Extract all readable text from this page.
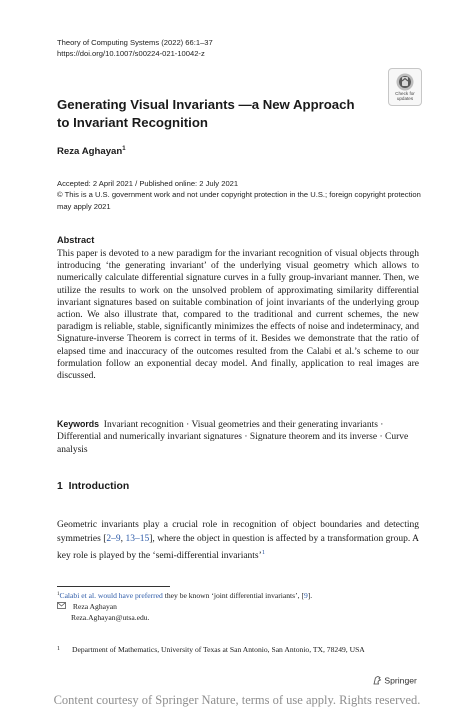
Theory of Computing Systems (2022) 66:1–37
https://doi.org/10.1007/s00224-021-10042-z
Check for
updates
Generating Visual Invariants —a New Approach
to Invariant Recognition
Reza Aghayan$^1$
Accepted: 2 April 2021 / Published online: 2 July 2021
© This is a U.S. government work and not under copyright protection in the U.S.; foreign copyright protection
may apply 2021
Abstract
This paper is devoted to a new paradigm for the invariant recognition of visual objects through introducing ‘the generating invariant’ of the underlying visual geometry which allows to numerically calculate differential signature curves in a fully group-invariant manner. Then, we utilize the results to work on the unsolved problem of approximating similarity differential invariant signatures based on suitable combination of joint invariants of the underlying group action. We also illustrate that, compared to the traditional and current schemes, the new paradigm is reliable, stable, significantly minimizes the effects of noise and indeterminacy, and Signature-inverse Theorem is correct in terms of it. Besides we demonstrate that the ratio of elapsed time and inaccuracy of the outcomes resulted from the Calabi et al.’s scheme to our formulation follow an exponential decay model. And finally, application to real images are discussed.
Keywords Invariant recognition · Visual geometries and their generating invariants · Differential and numerically invariant signatures · Signature theorem and its inverse · Curve analysis
1 Introduction
Geometric invariants play a crucial role in recognition of object boundaries and detecting symmetries [2–9, 13–15], where the object in question is affected by a transformation group. A key role is played by the ‘semi-differential invariants’$^1$
$^1$Calabi et al. would have preferred they be known ‘joint differential invariants’, [9].
Reza Aghayan
Reza.Aghayan@utsa.edu.
$^1$ Department of Mathematics, University of Texas at San Antonio, San Antonio, TX, 78249, USA
Springer
Content courtesy of Springer Nature, terms of use apply. Rights reserved.
